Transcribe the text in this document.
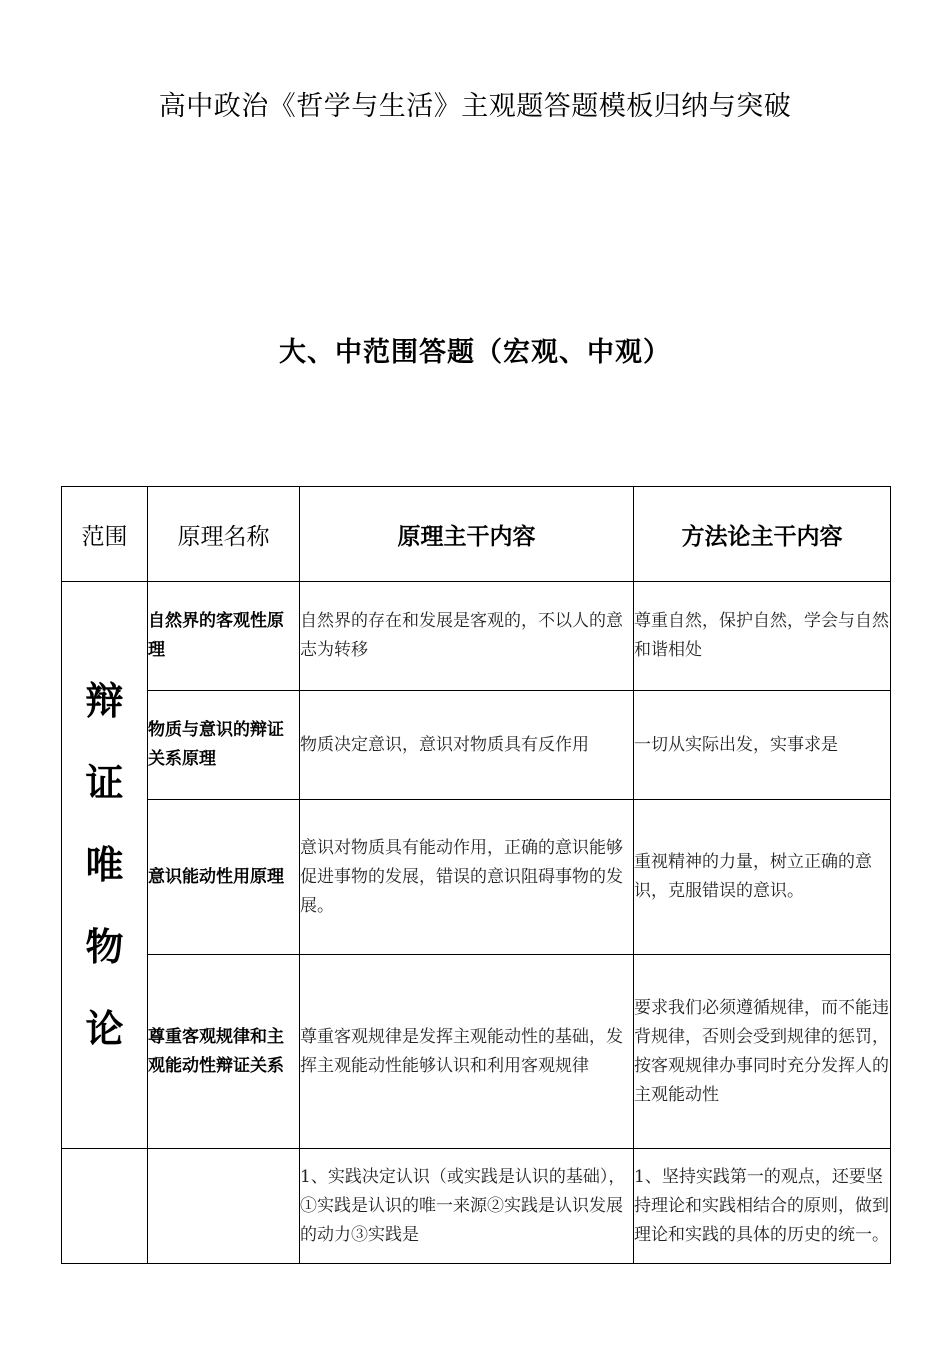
高中政治《哲学与生活》主观题答题模板归纳与突破
大、中范围答题（宏观、中观）
范围	原理名称	原理主干内容	方法论主干内容

辩证唯物论	自然界的客观性原理	自然界的存在和发展是客观的，不以人的意志为转移	尊重自然，保护自然，学会与自然和谐相处
	物质与意识的辩证关系原理	物质决定意识，意识对物质具有反作用	一切从实际出发，实事求是
	意识能动性用原理	意识对物质具有能动作用，正确的意识能够促进事物的发展，错误的意识阻碍事物的发展。	重视精神的力量，树立正确的意识，克服错误的意识。
	尊重客观规律和主观能动性辩证关系	尊重客观规律是发挥主观能动性的基础，发挥主观能动性能够认识和利用客观规律	要求我们必须遵循规律，而不能违背规律，否则会受到规律的惩罚，按客观规律办事同时充分发挥人的主观能动性
		1、实践决定认识（或实践是认识的基础），①实践是认识的唯一来源②实践是认识发展的动力③实践是	1、坚持实践第一的观点，还要坚持理论和实践相结合的原则，做到理论和实践的具体的历史的统一。
